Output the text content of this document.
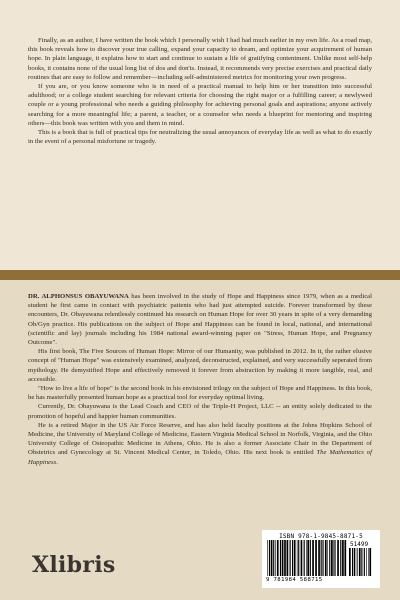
Finally, as an author, I have written the book which I personally wish I had had much earlier in my own life. As a road map, this book reveals how to discover your true calling, expand your capacity to dream, and optimize your acquirement of human hope. In plain language, it explains how to start and continue to sustain a life of gratifying contentment. Unlike most self-help books, it contains none of the usual long list of dos and don'ts. Instead, it recommends very precise exercises and practical daily routines that are easy to follow and remember—including self-administered metrics for monitoring your own progress.

If you are, or you know someone who is in need of a practical manual to help him or her transition into successful adulthood; or a college student searching for relevant criteria for choosing the right major or a fulfilling career; a newlywed couple or a young professional who needs a guiding philosophy for achieving personal goals and aspirations; anyone actively searching for a more meaningful life; a parent, a teacher, or a counselor who needs a blueprint for mentoring and inspiring others—this book was written with you and them in mind.

This is a book that is full of practical tips for neutralizing the usual annoyances of everyday life as well as what to do exactly in the event of a personal misfortune or tragedy.

DR. ALPHONSUS OBAYUWANA has been involved in the study of Hope and Happiness since 1979, when as a medical student he first came in contact with psychiatric patients who had just attempted suicide. Forever transformed by these encounters, Dr. Obayuwana relentlessly continued his research on Human Hope for over 30 years in spite of a very demanding Ob/Gyn practice. His publications on the subject of Hope and Happiness can be found in local, national, and international (scientific and lay) journals including his 1984 national award-winning paper on "Stress, Human Hope, and Pregnancy Outcome".

His first book, The Five Sources of Human Hope: Mirror of our Humanity, was published in 2012. In it, the rather elusive concept of "Human Hope" was extensively examined, analyzed, deconstructed, explained, and very successfully seperated from mythology. He demystified Hope and effectively removed it forever from abstraction by making it more tangible, real, and accessible.

"How to live a life of hope" is the second book in his envisioned trilogy on the subject of Hope and Happiness. In this book, he has masterfully presented human hope as a practical tool for everyday optimal living.

Currently, Dr. Obayuwana is the Lead Coach and CEO of the Triple-H Project, LLC -- an entity solely dedicated to the promotion of hopeful and happier human communities.

He is a retired Major in the US Air Force Reserve, and has also held faculty positions at the Johns Hopkins School of Medicine, the University of Maryland College of Medicine, Eastern Virginia Medical School in Norfolk, Virginia, and the Ohio University College of Osteopathic Medicine in Athens, Ohio. He is also a former Associate Chair in the Department of Obstetrics and Gynecology at St. Vincent Medical Center, in Toledo, Ohio. His next book is entitled The Mathematics of Happiness.

Xlibris
ISBN 978-1-9845-8871-5
51499
9 781984 588715
